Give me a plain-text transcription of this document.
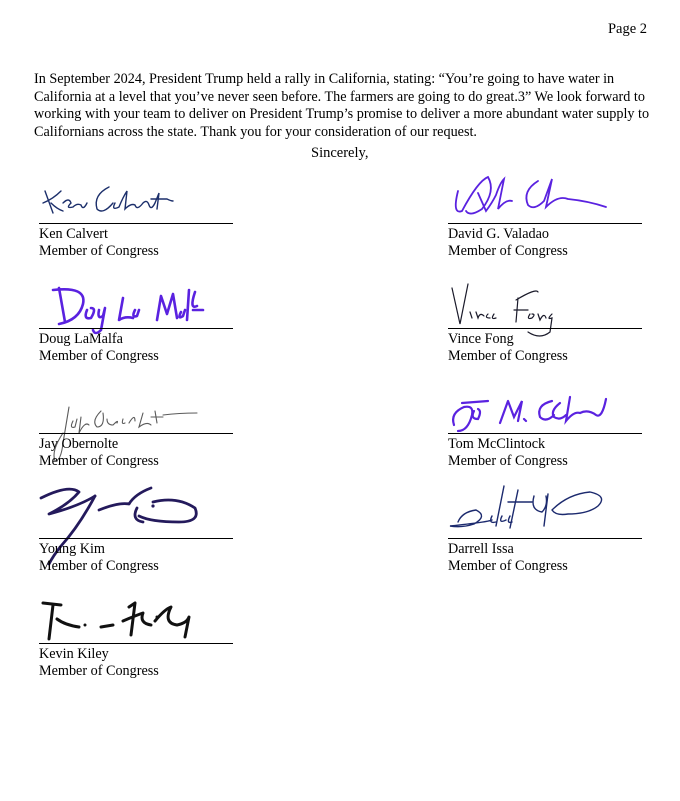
Page 2

In September 2024, President Trump held a rally in California, stating: “You’re going to have water in California at a level that you’ve never seen before. The farmers are going to do great.3” We look forward to working with your team to deliver on President Trump’s promise to deliver a more abundant water supply to Californians across the state. Thank you for your consideration of our request.

Sincerely,
Ken Calvert
Member of Congress
David G. Valadao
Member of Congress
Doug LaMalfa
Member of Congress
Vince Fong
Member of Congress
Jay Obernolte
Member of Congress
Tom McClintock
Member of Congress
Young Kim
Member of Congress
Darrell Issa
Member of Congress
Kevin Kiley
Member of Congress
